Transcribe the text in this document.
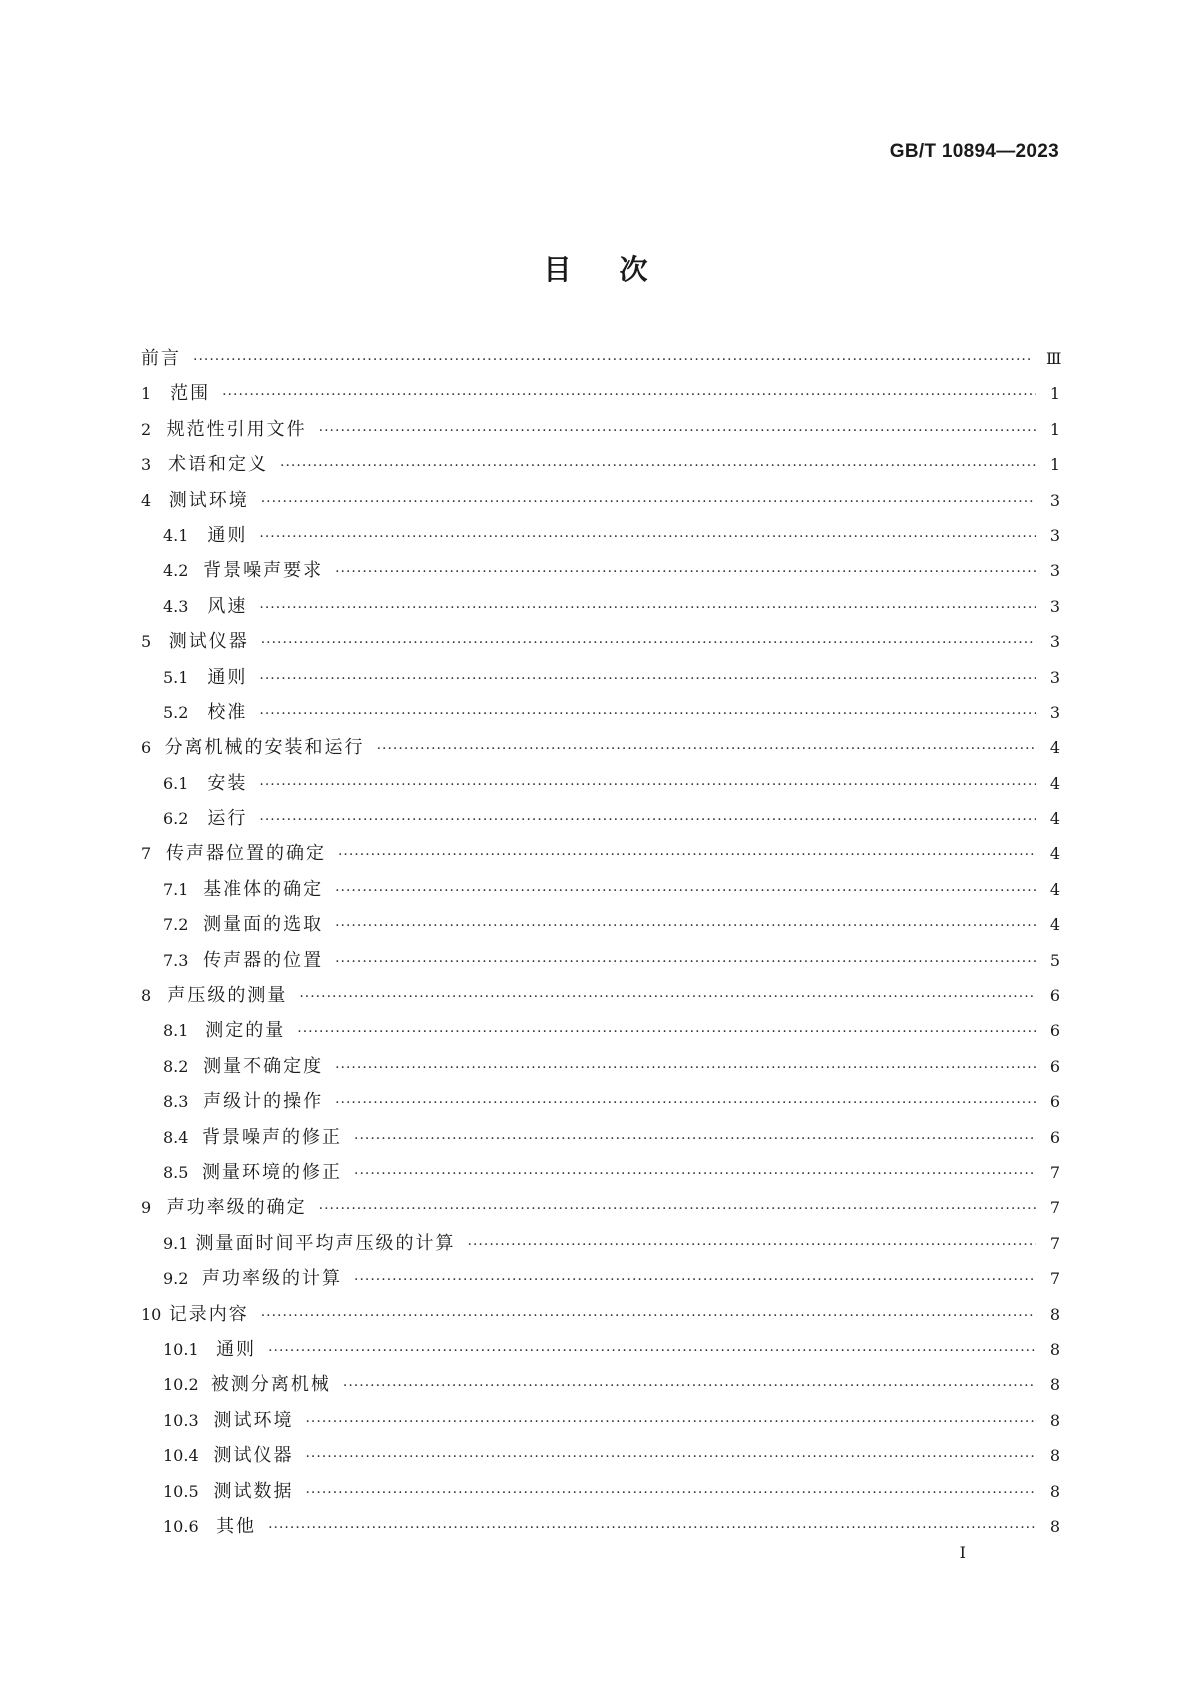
GB/T 10894—2023
目次
前言 ·····	Ⅲ
1	范围 ·····	1
2 规范性引用文件 ·····	1
3 术语和定义 ·····	1
4 测试环境 ·····	3
4.1	通则 ·····	3
4.2 背景噪声要求 ·····	3
4.3	风速 ·····	3
5 测试仪器 ·····	3
5.1	通则 ·····	3
5.2	校准 ·····	3
6 分离机械的安装和运行 ·····	4
6.1	安装 ·····	4
6.2	运行 ·····	4
7 传声器位置的确定 ·····	4
7.1 基准体的确定 ·····	4
7.2 测量面的选取 ·····	4
7.3 传声器的位置 ·····	5
8 声压级的测量 ·····	6
8.1 测定的量 ·····	6
8.2 测量不确定度 ·····	6
8.3 声级计的操作 ·····	6
8.4 背景噪声的修正 ·····	6
8.5 测量环境的修正 ·····	7
9 声功率级的确定 ·····	7
9.1 测量面时间平均声压级的计算 ·····	7
9.2 声功率级的计算 ·····	7
10 记录内容 ·····	8
10.1 通则 ·····	8
10.2 被测分离机械 ·····	8
10.3 测试环境 ·····	8
10.4 测试仪器 ·····	8
10.5 测试数据 ·····	8
10.6 其他 ·····	8
Ⅰ
